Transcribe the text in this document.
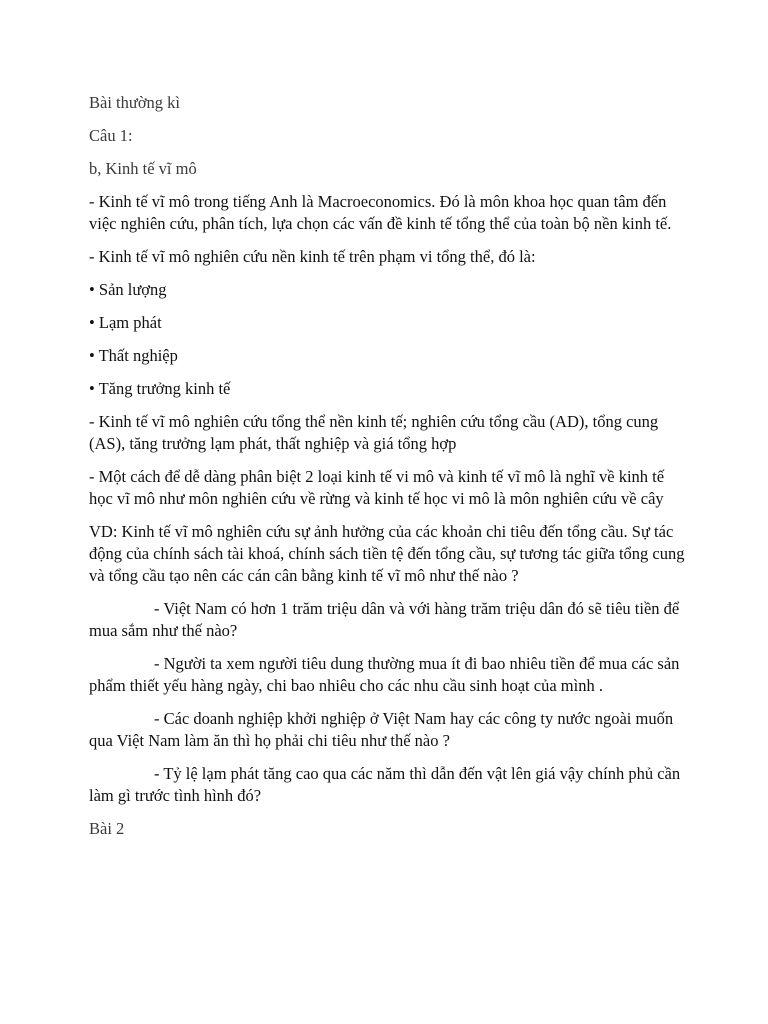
Bài thường kì

Câu 1:

b, Kinh tế vĩ mô

- Kinh tế vĩ mô trong tiếng Anh là Macroeconomics. Đó là môn khoa học quan tâm đến việc nghiên cứu, phân tích, lựa chọn các vấn đề kinh tế tổng thể của toàn bộ nền kinh tế.

- Kinh tế vĩ mô nghiên cứu nền kinh tế trên phạm vi tổng thể, đó là:

• Sản lượng

• Lạm phát

• Thất nghiệp

• Tăng trưởng kinh tế

- Kinh tế vĩ mô nghiên cứu tổng thể nền kinh tế; nghiên cứu tổng cầu (AD), tổng cung (AS), tăng trưởng lạm phát, thất nghiệp và giá tổng hợp

- Một cách để dễ dàng phân biệt 2 loại kinh tế vi mô và kinh tế vĩ mô là nghĩ về kinh tế học vĩ mô như môn nghiên cứu về rừng và kinh tế học vi mô là môn nghiên cứu về cây

VD: Kinh tế vĩ mô nghiên cứu sự ảnh hưởng của các khoản chi tiêu đến tổng cầu. Sự tác động của chính sách tài khoá, chính sách tiền tệ đến tổng cầu, sự tương tác giữa tổng cung và tổng cầu tạo nên các cán cân bằng kinh tế vĩ mô như thế nào ?

- Việt Nam có hơn 1 trăm triệu dân và với hàng trăm triệu dân đó sẽ tiêu tiền để mua sắm như thế nào?

- Người ta xem người tiêu dung thường mua ít đi bao nhiêu tiền để mua các sản phẩm thiết yếu hàng ngày, chi bao nhiêu cho các nhu cầu sinh hoạt của mình .

- Các doanh nghiệp khởi nghiệp ở Việt Nam hay các công ty nước ngoài muốn qua Việt Nam làm ăn thì họ phải chi tiêu như thế nào ?

- Tỷ lệ lạm phát tăng cao qua các năm thì dẫn đến vật lên giá vậy chính phủ cần làm gì trước tình hình đó?

Bài 2
